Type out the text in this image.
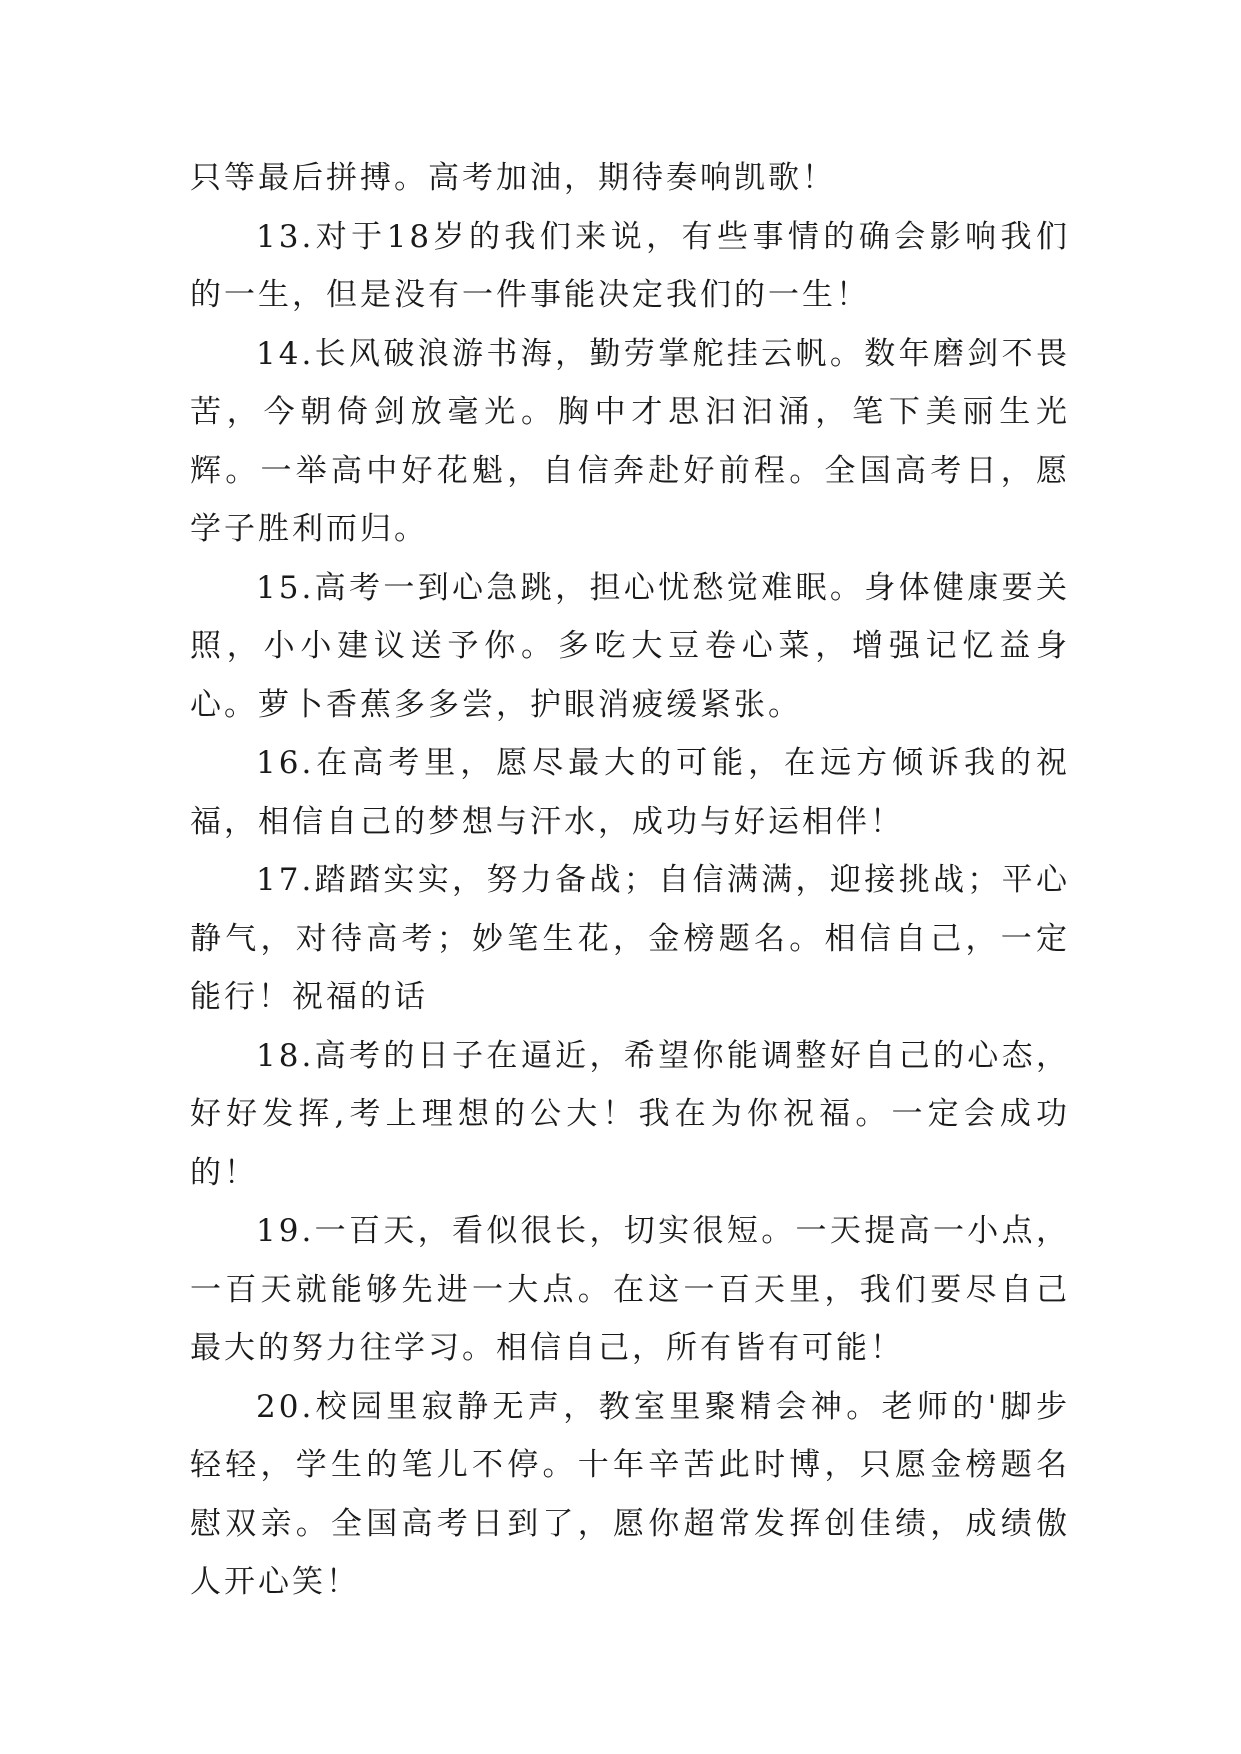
只等最后拼搏。高考加油，期待奏响凯歌！

13.对于18岁的我们来说，有些事情的确会影响我们的一生，但是没有一件事能决定我们的一生！

14.长风破浪游书海，勤劳掌舵挂云帆。数年磨剑不畏苦，今朝倚剑放毫光。胸中才思汩汩涌，笔下美丽生光辉。一举高中好花魁，自信奔赴好前程。全国高考日，愿学子胜利而归。

15.高考一到心急跳，担心忧愁觉难眠。身体健康要关照，小小建议送予你。多吃大豆卷心菜，增强记忆益身心。萝卜香蕉多多尝，护眼消疲缓紧张。

16.在高考里，愿尽最大的可能，在远方倾诉我的祝福，相信自己的梦想与汗水，成功与好运相伴！

17.踏踏实实，努力备战；自信满满，迎接挑战；平心静气，对待高考；妙笔生花，金榜题名。相信自己，一定能行！祝福的话

18.高考的日子在逼近，希望你能调整好自己的心态，好好发挥,考上理想的公大！我在为你祝福。一定会成功的！

19.一百天，看似很长，切实很短。一天提高一小点，一百天就能够先进一大点。在这一百天里，我们要尽自己最大的努力往学习。相信自己，所有皆有可能！

20.校园里寂静无声，教室里聚精会神。老师的'脚步轻轻，学生的笔儿不停。十年辛苦此时博，只愿金榜题名慰双亲。全国高考日到了，愿你超常发挥创佳绩，成绩傲人开心笑！
